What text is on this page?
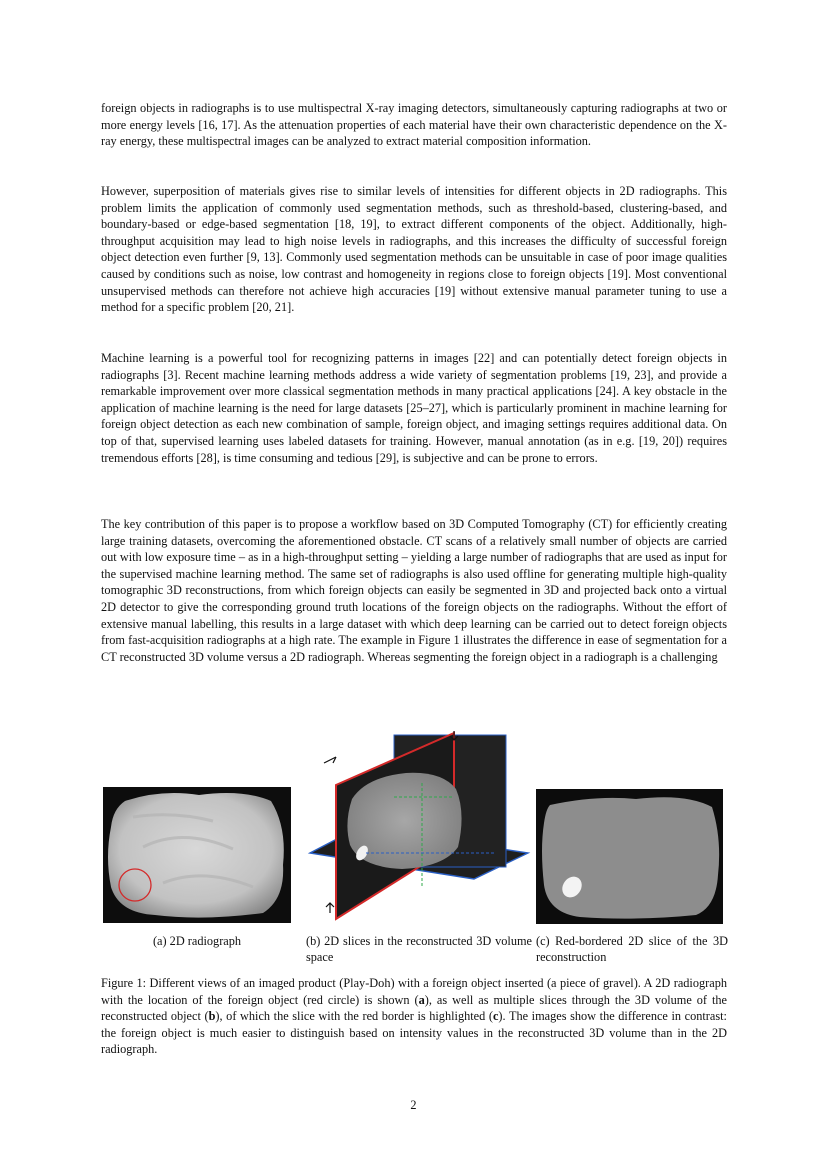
foreign objects in radiographs is to use multispectral X-ray imaging detectors, simultaneously capturing radiographs at two or more energy levels [16, 17]. As the attenuation properties of each material have their own characteristic dependence on the X-ray energy, these multispectral images can be analyzed to extract material composition information.

However, superposition of materials gives rise to similar levels of intensities for different objects in 2D radiographs. This problem limits the application of commonly used segmentation methods, such as threshold-based, clustering-based, and boundary-based or edge-based segmentation [18, 19], to extract different components of the object. Additionally, high-throughput acquisition may lead to high noise levels in radiographs, and this increases the difficulty of successful foreign object detection even further [9, 13]. Commonly used segmentation methods can be unsuitable in case of poor image qualities caused by conditions such as noise, low contrast and homogeneity in regions close to foreign objects [19]. Most conventional unsupervised methods can therefore not achieve high accuracies [19] without extensive manual parameter tuning to use a method for a specific problem [20, 21].

Machine learning is a powerful tool for recognizing patterns in images [22] and can potentially detect foreign objects in radiographs [3]. Recent machine learning methods address a wide variety of segmentation problems [19, 23], and provide a remarkable improvement over more classical segmentation methods in many practical applications [24]. A key obstacle in the application of machine learning is the need for large datasets [25–27], which is particularly prominent in machine learning for foreign object detection as each new combination of sample, foreign object, and imaging settings requires additional data. On top of that, supervised learning uses labeled datasets for training. However, manual annotation (as in e.g. [19, 20]) requires tremendous efforts [28], is time consuming and tedious [29], is subjective and can be prone to errors.

The key contribution of this paper is to propose a workflow based on 3D Computed Tomography (CT) for efficiently creating large training datasets, overcoming the aforementioned obstacle. CT scans of a relatively small number of objects are carried out with low exposure time – as in a high-throughput setting – yielding a large number of radiographs that are used as input for the supervised machine learning method. The same set of radiographs is also used offline for generating multiple high-quality tomographic 3D reconstructions, from which foreign objects can easily be segmented in 3D and projected back onto a virtual 2D detector to give the corresponding ground truth locations of the foreign objects on the radiographs. Without the effort of extensive manual labelling, this results in a large dataset with which deep learning can be carried out to detect foreign objects from fast-acquisition radiographs at a high rate. The example in Figure 1 illustrates the difference in ease of segmentation for a CT reconstructed 3D volume versus a 2D radiograph. Whereas segmenting the foreign object in a radiograph is a challenging

(a) 2D radiograph	(b) 2D slices in the reconstructed 3D volume space

(c) Red-bordered 2D slice of the 3D reconstruction

Figure 1: Different views of an imaged product (Play-Doh) with a foreign object inserted (a piece of gravel). A 2D radiograph with the location of the foreign object (red circle) is shown (a), as well as multiple slices through the 3D volume of the reconstructed object (b), of which the slice with the red border is highlighted (c). The images show the difference in contrast: the foreign object is much easier to distinguish based on intensity values in the reconstructed 3D volume than in the 2D radiograph.

2
